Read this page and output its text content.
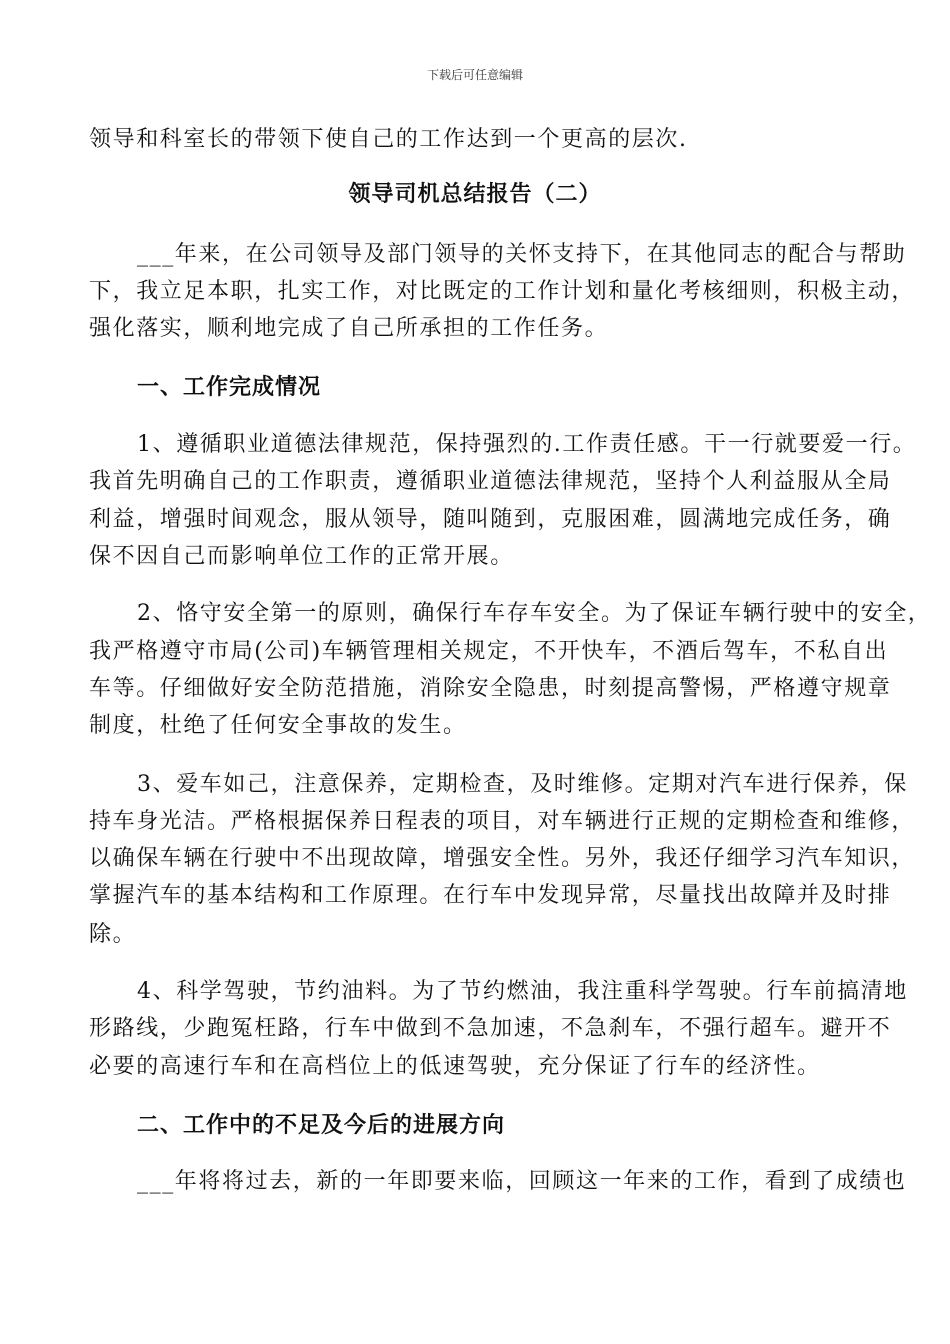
下载后可任意编辑
领导和科室长的带领下使自己的工作达到一个更高的层次.
领导司机总结报告（二）
___年来，在公司领导及部门领导的关怀支持下，在其他同志的配合与帮助
下，我立足本职，扎实工作，对比既定的工作计划和量化考核细则，积极主动，
强化落实，顺利地完成了自己所承担的工作任务。
一、工作完成情况
1、遵循职业道德法律规范，保持强烈的.工作责任感。干一行就要爱一行。
我首先明确自己的工作职责，遵循职业道德法律规范，坚持个人利益服从全局
利益，增强时间观念，服从领导，随叫随到，克服困难，圆满地完成任务，确
保不因自己而影响单位工作的正常开展。
2、恪守安全第一的原则，确保行车存车安全。为了保证车辆行驶中的安全，
我严格遵守市局(公司)车辆管理相关规定，不开快车，不酒后驾车，不私自出
车等。仔细做好安全防范措施，消除安全隐患，时刻提高警惕，严格遵守规章
制度，杜绝了任何安全事故的发生。
3、爱车如己，注意保养，定期检查，及时维修。定期对汽车进行保养，保
持车身光洁。严格根据保养日程表的项目，对车辆进行正规的定期检查和维修，
以确保车辆在行驶中不出现故障，增强安全性。另外，我还仔细学习汽车知识，
掌握汽车的基本结构和工作原理。在行车中发现异常，尽量找出故障并及时排
除。
4、科学驾驶，节约油料。为了节约燃油，我注重科学驾驶。行车前搞清地
形路线，少跑冤枉路，行车中做到不急加速，不急刹车，不强行超车。避开不
必要的高速行车和在高档位上的低速驾驶，充分保证了行车的经济性。
二、工作中的不足及今后的进展方向
___年将将过去，新的一年即要来临，回顾这一年来的工作，看到了成绩也
